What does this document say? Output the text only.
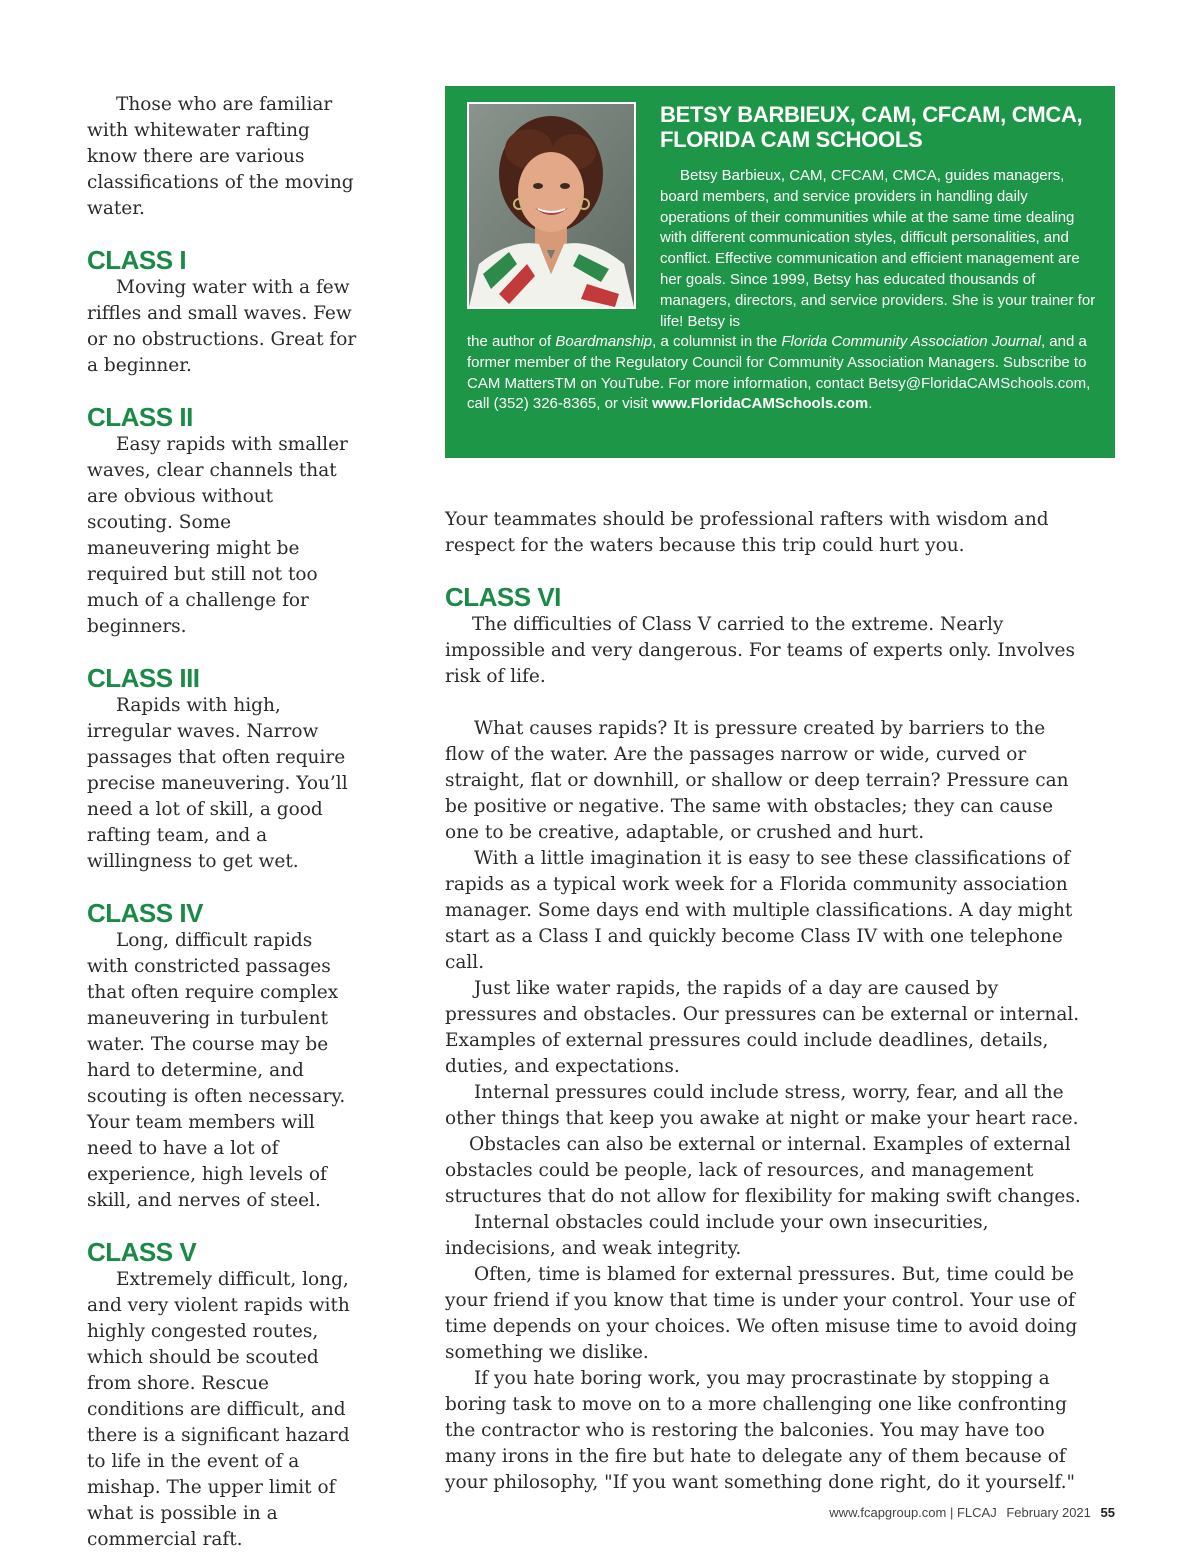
Those who are familiar with whitewater rafting know there are various classifications of the moving water.

CLASS I

Moving water with a few riffles and small waves. Few or no obstructions. Great for a beginner.

CLASS II

Easy rapids with smaller waves, clear channels that are obvious without scouting. Some maneuvering might be required but still not too much of a challenge for beginners.

CLASS III

Rapids with high, irregular waves. Narrow passages that often require precise maneuvering. You’ll need a lot of skill, a good rafting team, and a willingness to get wet.

CLASS IV

Long, difficult rapids with constricted passages that often require complex maneuvering in turbulent water. The course may be hard to determine, and scouting is often necessary. Your team members will need to have a lot of experience, high levels of skill, and nerves of steel.

CLASS V

Extremely difficult, long, and very violent rapids with highly congested routes, which should be scouted from shore. Rescue conditions are difficult, and there is a significant hazard to life in the event of a mishap. The upper limit of what is possible in a commercial raft.

BETSY BARBIEUX, CAM, CFCAM, CMCA, FLORIDA CAM SCHOOLS

Betsy Barbieux, CAM, CFCAM, CMCA, guides managers, board members, and service providers in handling daily operations of their communities while at the same time dealing with different communication styles, difficult personalities, and conflict. Effective communication and efficient management are her goals. Since 1999, Betsy has educated thousands of managers, directors, and service providers. She is your trainer for life! Betsy is

the author of Boardmanship, a columnist in the Florida Community Association Journal, and a former member of the Regulatory Council for Community Association Managers. Subscribe to CAM MattersTM on YouTube. For more information, contact Betsy@FloridaCAMSchools.com, call (352) 326-8365, or visit www.FloridaCAMSchools.com.

Your teammates should be professional rafters with wisdom and respect for the waters because this trip could hurt you.

CLASS VI

The difficulties of Class V carried to the extreme. Nearly impossible and very dangerous. For teams of experts only. Involves risk of life.

What causes rapids? It is pressure created by barriers to the flow of the water. Are the passages narrow or wide, curved or straight, flat or downhill, or shallow or deep terrain? Pressure can be positive or negative. The same with obstacles; they can cause one to be creative, adaptable, or crushed and hurt.

With a little imagination it is easy to see these classifications of rapids as a typical work week for a Florida community association manager. Some days end with multiple classifications. A day might start as a Class I and quickly become Class IV with one telephone call.

Just like water rapids, the rapids of a day are caused by pressures and obstacles. Our pressures can be external or internal. Examples of external pressures could include deadlines, details, duties, and expectations.

Internal pressures could include stress, worry, fear, and all the other things that keep you awake at night or make your heart race.

Obstacles can also be external or internal. Examples of external obstacles could be people, lack of resources, and management structures that do not allow for flexibility for making swift changes.

Internal obstacles could include your own insecurities, indecisions, and weak integrity.

Often, time is blamed for external pressures. But, time could be your friend if you know that time is under your control. Your use of time depends on your choices. We often misuse time to avoid doing something we dislike.

If you hate boring work, you may procrastinate by stopping a boring task to move on to a more challenging one like confronting the contractor who is restoring the balconies. You may have too many irons in the fire but hate to delegate any of them because of your philosophy, "If you want something done right, do it yourself."

www.fcapgroup.com | FLCAJ February 2021 55
